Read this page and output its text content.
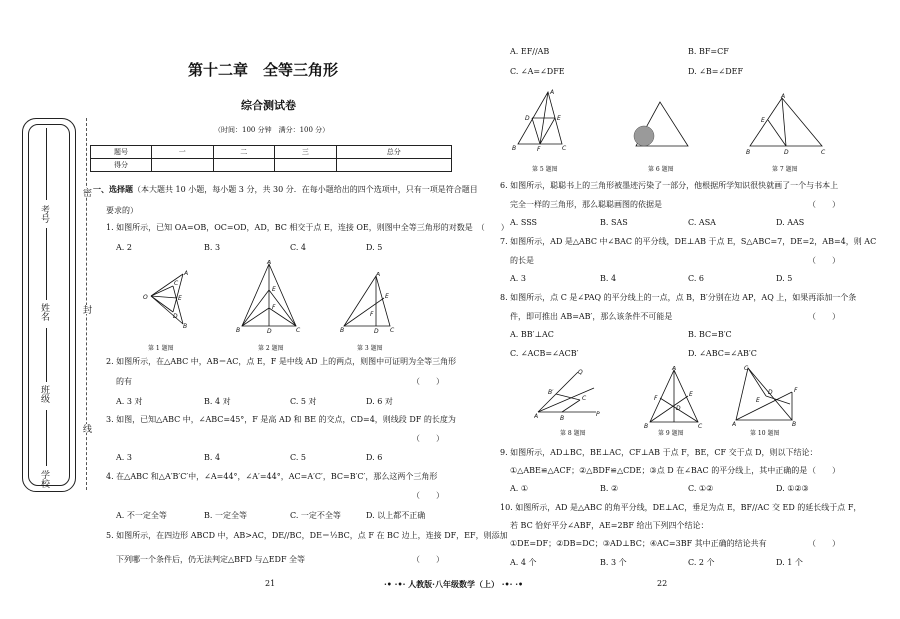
考号
姓名
班级
学校
密
封
线
第十二章　全等三角形
综合测试卷
（时间：100 分钟　满分：100 分）
题号	一	二	三	总分
得分				
一、选择题（本大题共 10 小题，每小题 3 分，共 30 分．在每小题给出的四个选项中，只有一项是符合题目
要求的）
1. 如图所示，已知 OA=OB，OC=OD，AD，BC 相交于点 E，连接 OE，则图中全等三角形的对数是　（　　）
A. 2	B. 3	C. 4	D. 5
O
A
C
E
D
B
A
E
F
B	D	C
A
E
F
B	D C
第 1 题图	第 2 题图	第 3 题图
2. 如图所示，在△ABC 中，AB＝AC，点 E，F 是中线 AD 上的两点，则图中可证明为全等三角形
的有	（　　）
A. 3 对	B. 4 对	C. 5 对	D. 6 对
3. 如图，已知△ABC 中，∠ABC=45°，F 是高 AD 和 BE 的交点，CD=4，则线段 DF 的长度为
（　　）
A. 3	B. 4	C. 5	D. 6
4. 在△ABC 和△A′B′C′中，∠A=44°，∠A′=44°，AC=A′C′，BC=B′C′，那么这两个三角形
（　　）
A. 不一定全等	B. 一定全等	C. 一定不全等	D. 以上都不正确
5. 如图所示，在四边形 ABCD 中，AB>AC，DE//BC，DE＝½BC，点 F 在 BC 边上，连接 DF，EF，则添加
下列哪一个条件后，仍无法判定△BFD 与△EDF 全等	（　　）
21	·• ·•· 人教版·八年级数学（上） ·•· ·•	22
A. EF//AB	B. BF=CF
C. ∠A=∠DFE	D. ∠B=∠DEF
A
D	E
B	F	C
A
E
B	D	C
第 5 题图	第 6 题图	第 7 题图
6. 如图所示，聪聪书上的三角形被墨迹污染了一部分，他根据所学知识很快就画了一个与书本上
完全一样的三角形，那么聪聪画图的依据是	（　　）
A. SSS	B. SAS	C. ASA	D. AAS
7. 如图所示，AD 是△ABC 中∠BAC 的平分线，DE⊥AB 于点 E，S△ABC=7，DE=2，AB=4，则 AC
的长是	（　　）
A. 3	B. 4	C. 6	D. 5
8. 如图所示，点 C 是∠PAQ 的平分线上的一点，点 B，B′分别在边 AP，AQ 上，如果再添加一个条
件，即可推出 AB=AB′，那么该条件不可能是	（　　）
A. BB′⊥AC	B. BC=B′C
C. ∠ACB=∠ACB′	D. ∠ABC=∠AB′C
Q
B′
C
A	B
P
A
F
E
D
B	C
C
D
E
F
A	B
第 8 题图	第 9 题图	第 10 题图
9. 如图所示，AD⊥BC，BE⊥AC，CF⊥AB 于点 F，BE，CF 交于点 D，则以下结论：
①△ABE≌△ACF；②△BDF≌△CDE；③点 D 在∠BAC 的平分线上，其中正确的是 （　　）
A. ①	B. ②	C. ①②	D. ①②③
10. 如图所示，AD 是△ABC 的角平分线，DE⊥AC，垂足为点 E，BF//AC 交 ED 的延长线于点 F，
若 BC 恰好平分∠ABF，AE=2BF 给出下列四个结论：
①DE=DF；②DB=DC；③AD⊥BC；④AC=3BF 其中正确的结论共有	（　　）
A. 4 个	B. 3 个	C. 2 个	D. 1 个
